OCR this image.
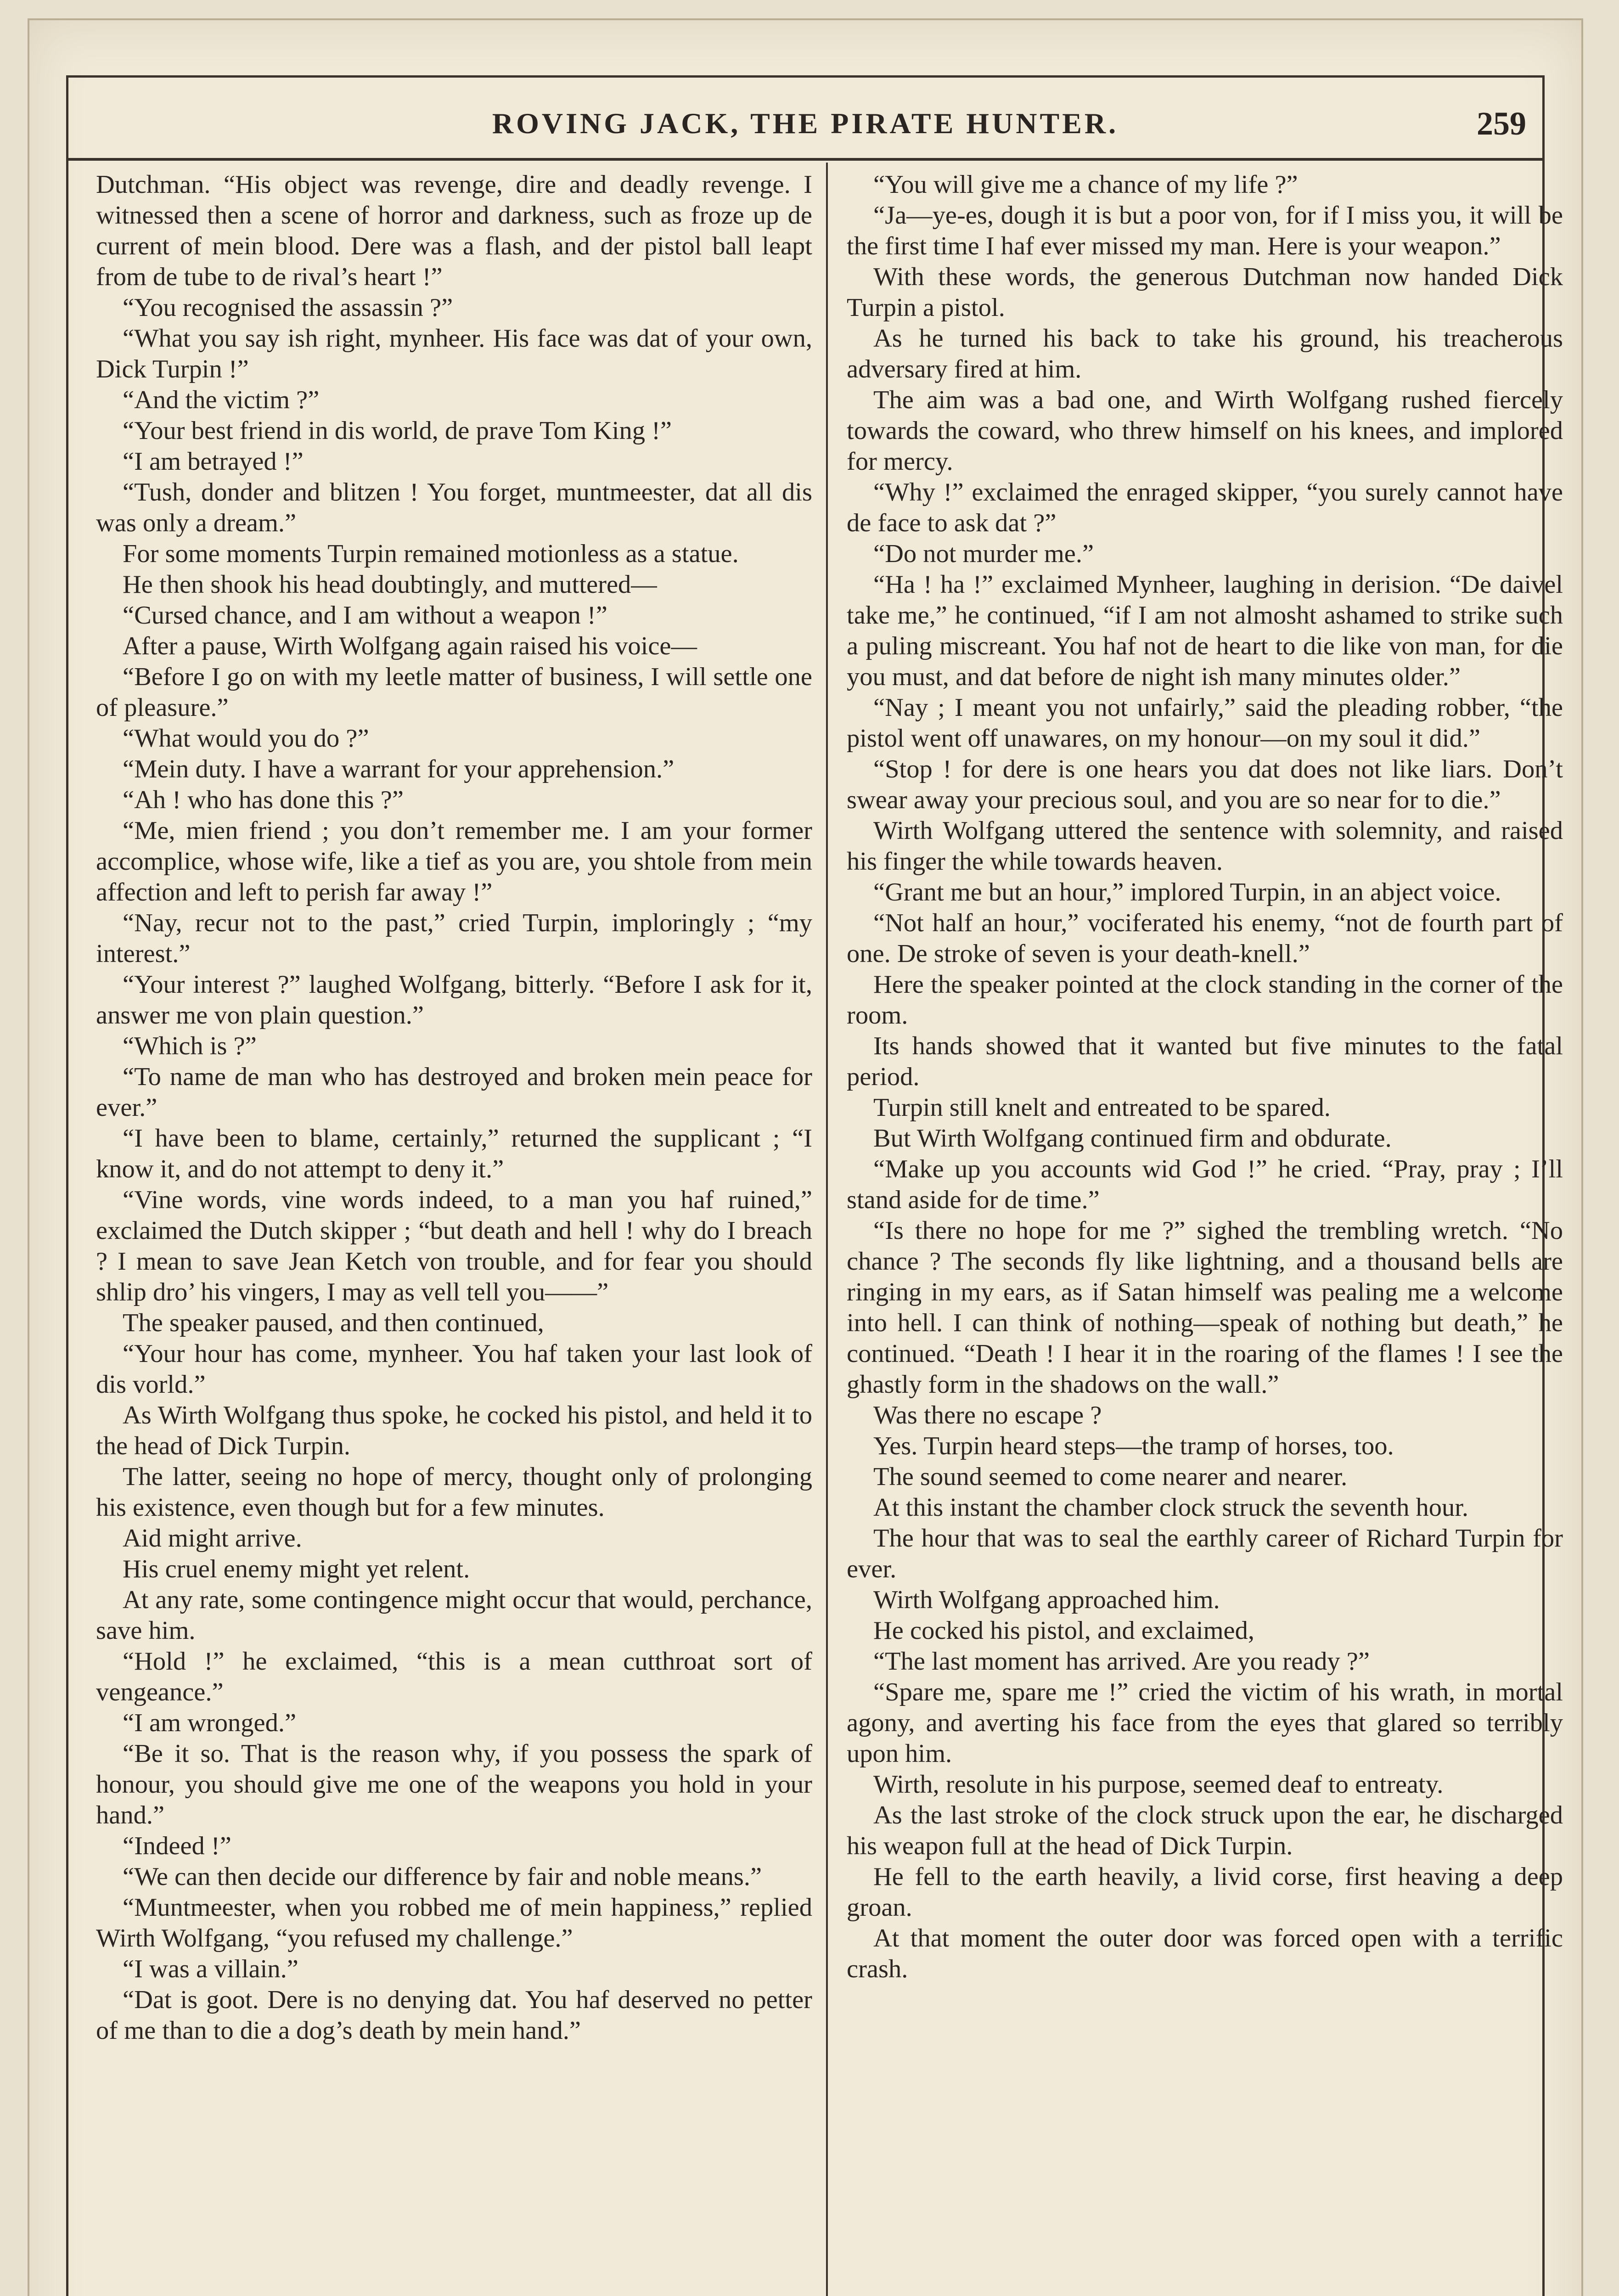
ROVING JACK, THE PIRATE HUNTER.	259

Dutchman. “His object was revenge, dire and deadly revenge. I witnessed then a scene of horror and darkness, such as froze up de current of mein blood. Dere was a flash, and der pistol ball leapt from de tube to de rival’s heart !”

“You recognised the assassin ?”

“What you say ish right, mynheer. His face was dat of your own, Dick Turpin !”

“And the victim ?”

“Your best friend in dis world, de prave Tom King !”

“I am betrayed !”

“Tush, donder and blitzen ! You forget, muntmeester, dat all dis was only a dream.”

For some moments Turpin remained motionless as a statue.

He then shook his head doubtingly, and muttered—

“Cursed chance, and I am without a weapon !”

After a pause, Wirth Wolfgang again raised his voice—

“Before I go on with my leetle matter of business, I will settle one of pleasure.”

“What would you do ?”

“Mein duty. I have a warrant for your apprehension.”

“Ah ! who has done this ?”

“Me, mien friend ; you don’t remember me. I am your former accomplice, whose wife, like a tief as you are, you shtole from mein affection and left to perish far away !”

“Nay, recur not to the past,” cried Turpin, imploringly ; “my interest.”

“Your interest ?” laughed Wolfgang, bitterly. “Before I ask for it, answer me von plain question.”

“Which is ?”

“To name de man who has destroyed and broken mein peace for ever.”

“I have been to blame, certainly,” returned the supplicant ; “I know it, and do not attempt to deny it.”

“Vine words, vine words indeed, to a man you haf ruined,” exclaimed the Dutch skipper ; “but death and hell ! why do I breach ? I mean to save Jean Ketch von trouble, and for fear you should shlip dro’ his vingers, I may as vell tell you——”

The speaker paused, and then continued,

“Your hour has come, mynheer. You haf taken your last look of dis vorld.”

As Wirth Wolfgang thus spoke, he cocked his pistol, and held it to the head of Dick Turpin.

The latter, seeing no hope of mercy, thought only of prolonging his existence, even though but for a few minutes.

Aid might arrive.

His cruel enemy might yet relent.

At any rate, some contingence might occur that would, perchance, save him.

“Hold !” he exclaimed, “this is a mean cutthroat sort of vengeance.”

“I am wronged.”

“Be it so. That is the reason why, if you possess the spark of honour, you should give me one of the weapons you hold in your hand.”

“Indeed !”

“We can then decide our difference by fair and noble means.”

“Muntmeester, when you robbed me of mein happiness,” replied Wirth Wolfgang, “you refused my challenge.”

“I was a villain.”

“Dat is goot. Dere is no denying dat. You haf deserved no petter of me than to die a dog’s death by mein hand.”

“You will give me a chance of my life ?”

“Ja—ye-es, dough it is but a poor von, for if I miss you, it will be the first time I haf ever missed my man. Here is your weapon.”

With these words, the generous Dutchman now handed Dick Turpin a pistol.

As he turned his back to take his ground, his treacherous adversary fired at him.

The aim was a bad one, and Wirth Wolfgang rushed fiercely towards the coward, who threw himself on his knees, and implored for mercy.

“Why !” exclaimed the enraged skipper, “you surely cannot have de face to ask dat ?”

“Do not murder me.”

“Ha ! ha !” exclaimed Mynheer, laughing in derision. “De daivel take me,” he continued, “if I am not almosht ashamed to strike such a puling miscreant. You haf not de heart to die like von man, for die you must, and dat before de night ish many minutes older.”

“Nay ; I meant you not unfairly,” said the pleading robber, “the pistol went off unawares, on my honour—on my soul it did.”

“Stop ! for dere is one hears you dat does not like liars. Don’t swear away your precious soul, and you are so near for to die.”

Wirth Wolfgang uttered the sentence with solemnity, and raised his finger the while towards heaven.

“Grant me but an hour,” implored Turpin, in an abject voice.

“Not half an hour,” vociferated his enemy, “not de fourth part of one. De stroke of seven is your death-knell.”

Here the speaker pointed at the clock standing in the corner of the room.

Its hands showed that it wanted but five minutes to the fatal period.

Turpin still knelt and entreated to be spared.

But Wirth Wolfgang continued firm and obdurate.

“Make up you accounts wid God !” he cried. “Pray, pray ; I’ll stand aside for de time.”

“Is there no hope for me ?” sighed the trembling wretch. “No chance ? The seconds fly like lightning, and a thousand bells are ringing in my ears, as if Satan himself was pealing me a welcome into hell. I can think of nothing—speak of nothing but death,” he continued. “Death ! I hear it in the roaring of the flames ! I see the ghastly form in the shadows on the wall.”

Was there no escape ?

Yes. Turpin heard steps—the tramp of horses, too.

The sound seemed to come nearer and nearer.

At this instant the chamber clock struck the seventh hour.

The hour that was to seal the earthly career of Richard Turpin for ever.

Wirth Wolfgang approached him.

He cocked his pistol, and exclaimed,

“The last moment has arrived. Are you ready ?”

“Spare me, spare me !” cried the victim of his wrath, in mortal agony, and averting his face from the eyes that glared so terribly upon him.

Wirth, resolute in his purpose, seemed deaf to entreaty.

As the last stroke of the clock struck upon the ear, he discharged his weapon full at the head of Dick Turpin.

He fell to the earth heavily, a livid corse, first heaving a deep groan.

At that moment the outer door was forced open with a terrific crash.
